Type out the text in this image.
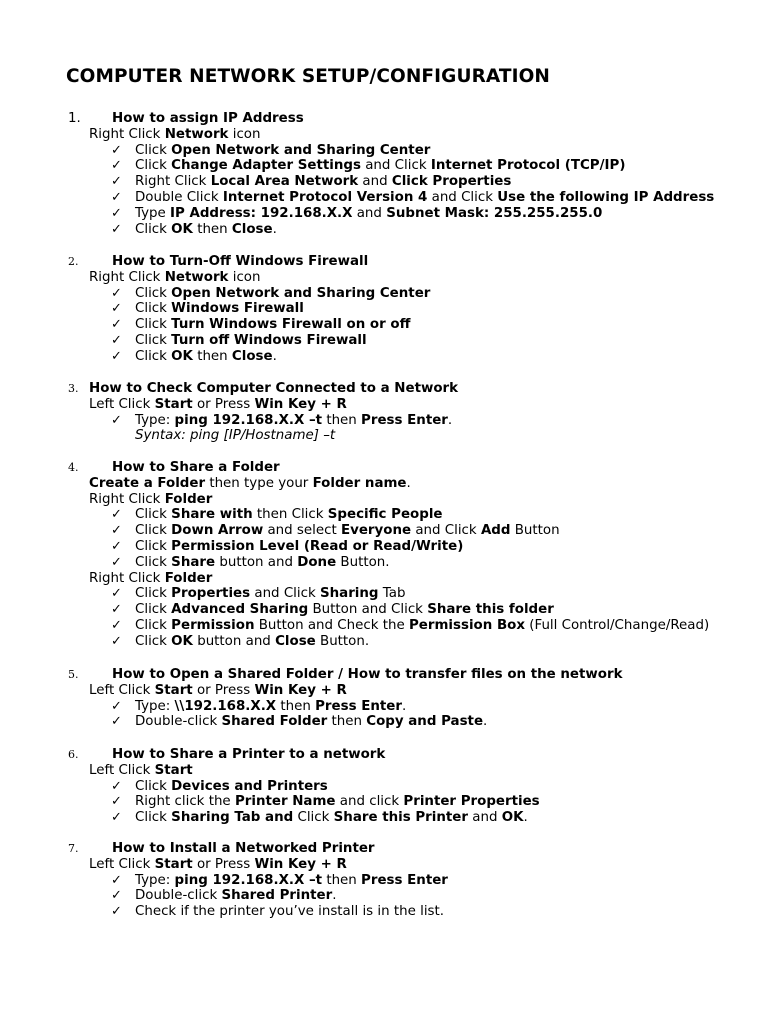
COMPUTER NETWORK SETUP/CONFIGURATION
1. How to assign IP Address
Right Click Network icon
✓ Click Open Network and Sharing Center
✓ Click Change Adapter Settings and Click Internet Protocol (TCP/IP)
✓ Right Click Local Area Network and Click Properties
✓ Double Click Internet Protocol Version 4 and Click Use the following IP Address
✓ Type IP Address: 192.168.X.X and Subnet Mask: 255.255.255.0
✓ Click OK then Close.
2.	How to Turn-Off Windows Firewall
Right Click Network icon
✓ Click Open Network and Sharing Center
✓ Click Windows Firewall
✓ Click Turn Windows Firewall on or off
✓ Click Turn off Windows Firewall
✓ Click OK then Close.
3. How to Check Computer Connected to a Network
Left Click Start or Press Win Key + R
✓ Type: ping 192.168.X.X –t then Press Enter.
Syntax: ping [IP/Hostname] –t
4.	How to Share a Folder
Create a Folder then type your Folder name.
Right Click Folder
✓ Click Share with then Click Specific People
✓ Click Down Arrow and select Everyone and Click Add Button
✓ Click Permission Level (Read or Read/Write)
✓ Click Share button and Done Button.
Right Click Folder
✓ Click Properties and Click Sharing Tab
✓ Click Advanced Sharing Button and Click Share this folder
✓ Click Permission Button and Check the Permission Box (Full Control/Change/Read)
✓ Click OK button and Close Button.
5.	How to Open a Shared Folder / How to transfer files on the network
Left Click Start or Press Win Key + R
✓ Type: \\192.168.X.X then Press Enter.
✓ Double-click Shared Folder then Copy and Paste.
6.	How to Share a Printer to a network
Left Click Start
✓ Click Devices and Printers
✓ Right click the Printer Name and click Printer Properties
✓ Click Sharing Tab and Click Share this Printer and OK.
7.	How to Install a Networked Printer
Left Click Start or Press Win Key + R
✓ Type: ping 192.168.X.X –t then Press Enter
✓ Double-click Shared Printer.
✓ Check if the printer you’ve install is in the list.
